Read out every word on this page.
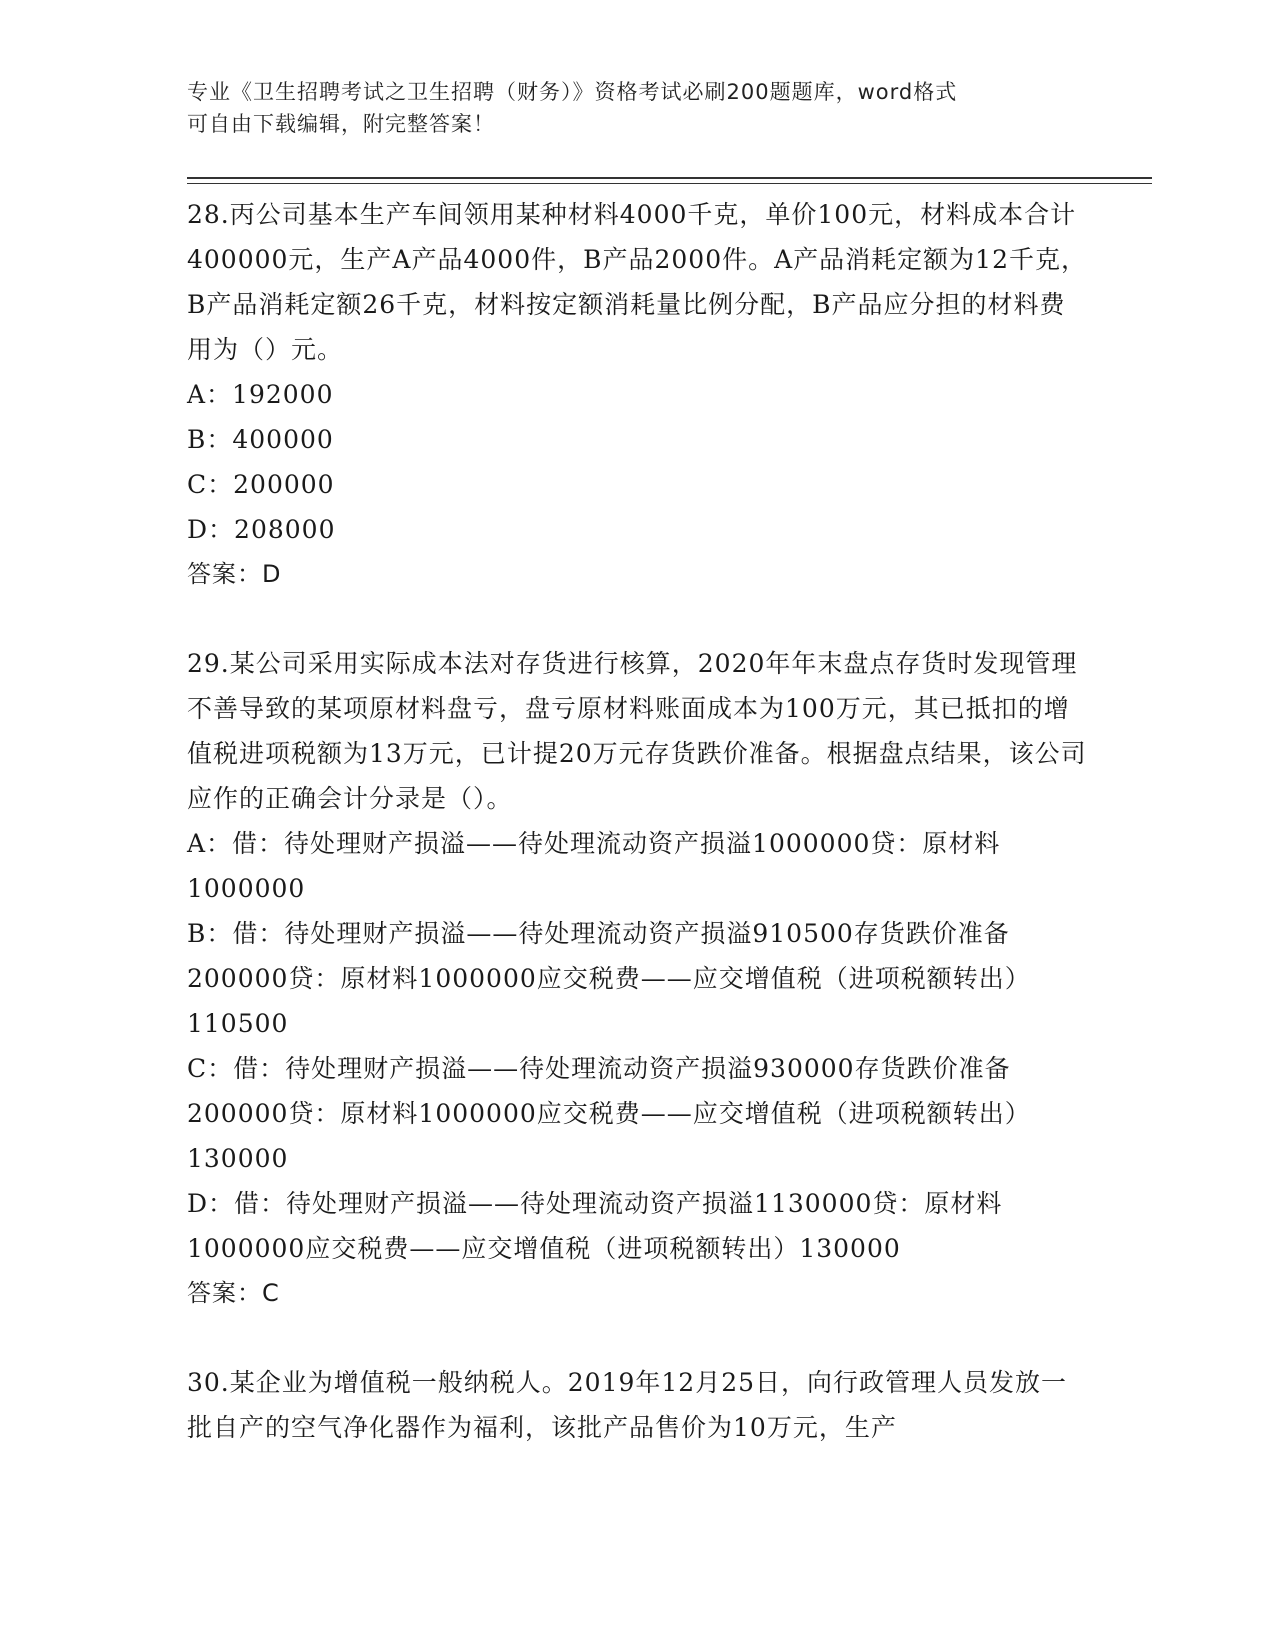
专业《卫生招聘考试之卫生招聘（财务）》资格考试必刷200题题库，word格式
可自由下载编辑，附完整答案！

28.丙公司基本生产车间领用某种材料4000千克，单价100元，材料成本合计400000元，生产A产品4000件，B产品2000件。A产品消耗定额为12千克，B产品消耗定额26千克，材料按定额消耗量比例分配，B产品应分担的材料费用为（）元。

A：192000

B：400000

C：200000

D：208000

答案：D

29.某公司采用实际成本法对存货进行核算，2020年年末盘点存货时发现管理不善导致的某项原材料盘亏，盘亏原材料账面成本为100万元，其已抵扣的增值税进项税额为13万元，已计提20万元存货跌价准备。根据盘点结果，该公司应作的正确会计分录是（）。

A：借：待处理财产损溢——待处理流动资产损溢1000000贷：原材料1000000

B：借：待处理财产损溢——待处理流动资产损溢910500存货跌价准备200000贷：原材料1000000应交税费——应交增值税（进项税额转出）110500

C：借：待处理财产损溢——待处理流动资产损溢930000存货跌价准备200000贷：原材料1000000应交税费——应交增值税（进项税额转出）130000

D：借：待处理财产损溢——待处理流动资产损溢1130000贷：原材料1000000应交税费——应交增值税（进项税额转出）130000

答案：C

30.某企业为增值税一般纳税人。2019年12月25日，向行政管理人员发放一批自产的空气净化器作为福利，该批产品售价为10万元，生产
